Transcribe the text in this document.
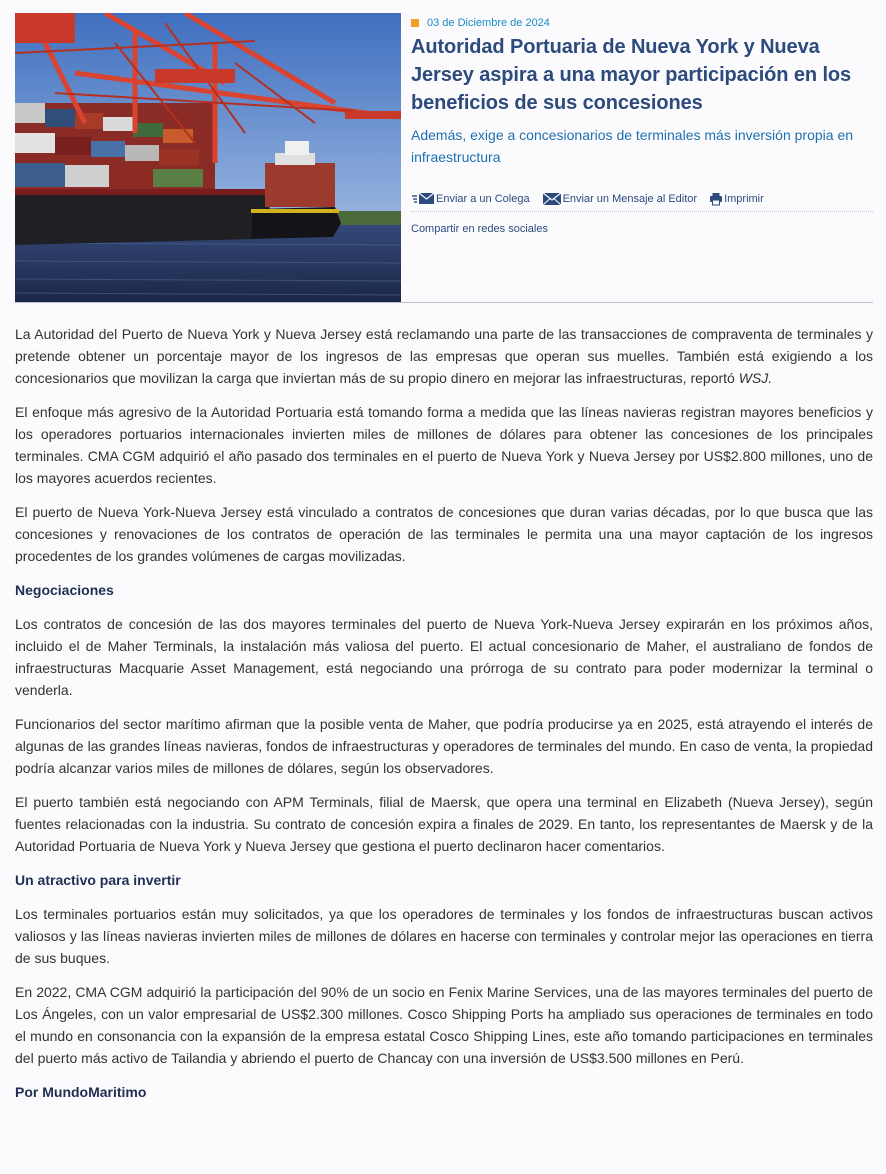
03 de Diciembre de 2024
Autoridad Portuaria de Nueva York y Nueva Jersey aspira a una mayor participación en los beneficios de sus concesiones
Además, exige a concesionarios de terminales más inversión propia en infraestructura
Enviar a un Colega	Enviar un Mensaje al Editor Imprimir
Compartir en redes sociales

La Autoridad del Puerto de Nueva York y Nueva Jersey está reclamando una parte de las transacciones de compraventa de terminales y pretende obtener un porcentaje mayor de los ingresos de las empresas que operan sus muelles. También está exigiendo a los concesionarios que movilizan la carga que inviertan más de su propio dinero en mejorar las infraestructuras, reportó WSJ.

El enfoque más agresivo de la Autoridad Portuaria está tomando forma a medida que las líneas navieras registran mayores beneficios y los operadores portuarios internacionales invierten miles de millones de dólares para obtener las concesiones de los principales terminales. CMA CGM adquirió el año pasado dos terminales en el puerto de Nueva York y Nueva Jersey por US$2.800 millones, uno de los mayores acuerdos recientes.

El puerto de Nueva York-Nueva Jersey está vinculado a contratos de concesiones que duran varias décadas, por lo que busca que las concesiones y renovaciones de los contratos de operación de las terminales le permita una una mayor captación de los ingresos procedentes de los grandes volúmenes de cargas movilizadas.

Negociaciones

Los contratos de concesión de las dos mayores terminales del puerto de Nueva York-Nueva Jersey expirarán en los próximos años, incluido el de Maher Terminals, la instalación más valiosa del puerto. El actual concesionario de Maher, el australiano de fondos de infraestructuras Macquarie Asset Management, está negociando una prórroga de su contrato para poder modernizar la terminal o venderla.

Funcionarios del sector marítimo afirman que la posible venta de Maher, que podría producirse ya en 2025, está atrayendo el interés de algunas de las grandes líneas navieras, fondos de infraestructuras y operadores de terminales del mundo. En caso de venta, la propiedad podría alcanzar varios miles de millones de dólares, según los observadores.

El puerto también está negociando con APM Terminals, filial de Maersk, que opera una terminal en Elizabeth (Nueva Jersey), según fuentes relacionadas con la industria. Su contrato de concesión expira a finales de 2029. En tanto, los representantes de Maersk y de la Autoridad Portuaria de Nueva York y Nueva Jersey que gestiona el puerto declinaron hacer comentarios.

Un atractivo para invertir

Los terminales portuarios están muy solicitados, ya que los operadores de terminales y los fondos de infraestructuras buscan activos valiosos y las líneas navieras invierten miles de millones de dólares en hacerse con terminales y controlar mejor las operaciones en tierra de sus buques.

En 2022, CMA CGM adquirió la participación del 90% de un socio en Fenix Marine Services, una de las mayores terminales del puerto de Los Ángeles, con un valor empresarial de US$2.300 millones. Cosco Shipping Ports ha ampliado sus operaciones de terminales en todo el mundo en consonancia con la expansión de la empresa estatal Cosco Shipping Lines, este año tomando participaciones en terminales del puerto más activo de Tailandia y abriendo el puerto de Chancay con una inversión de US$3.500 millones en Perú.

Por MundoMaritimo
